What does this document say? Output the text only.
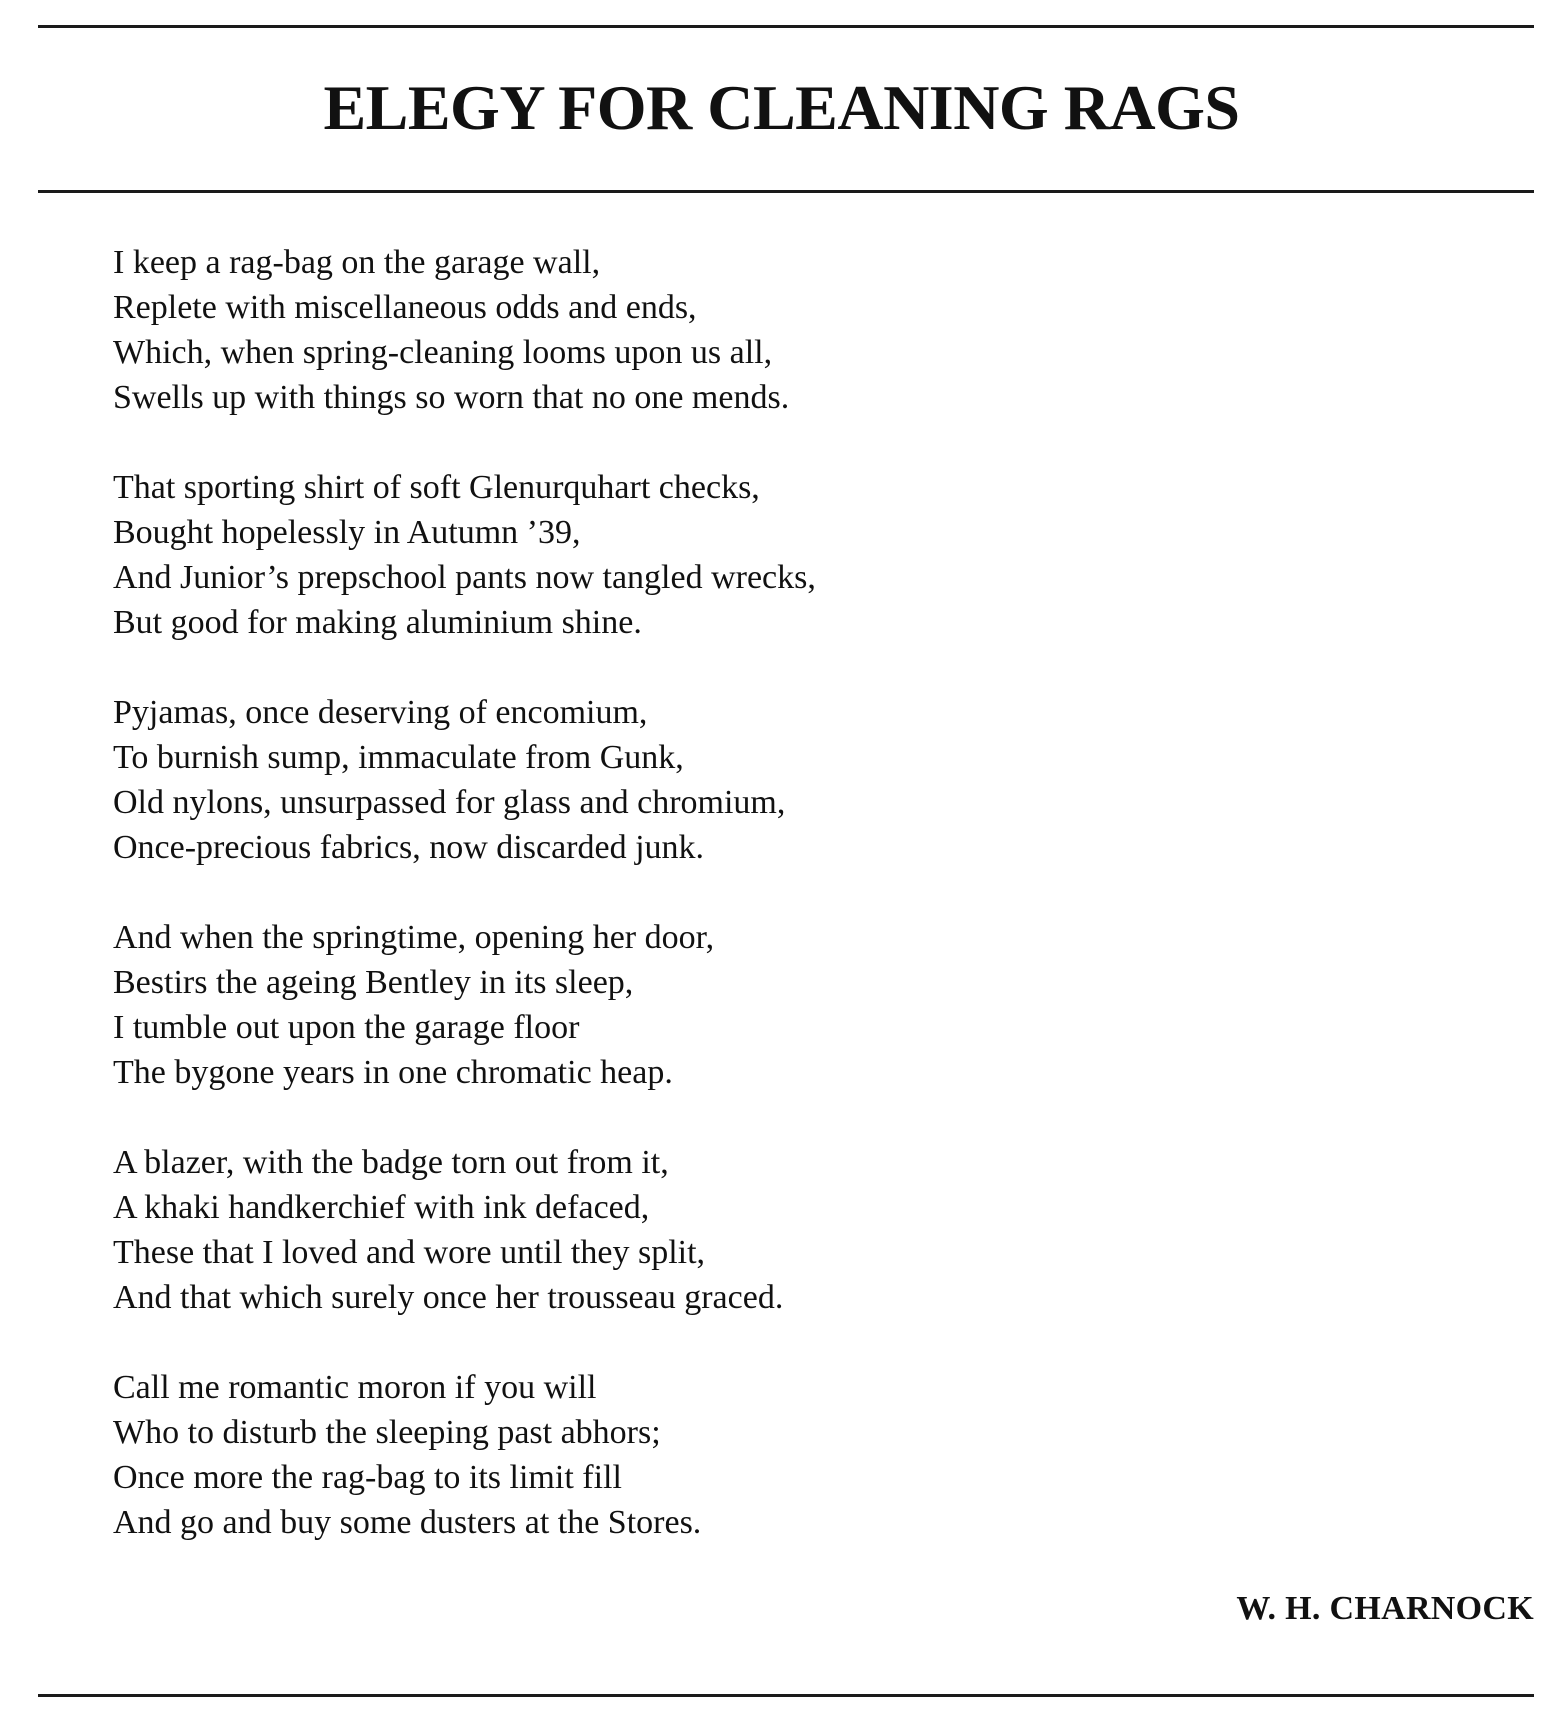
ELEGY FOR CLEANING RAGS
I keep a rag-bag on the garage wall,
Replete with miscellaneous odds and ends,
Which, when spring-cleaning looms upon us all,
Swells up with things so worn that no one mends.
That sporting shirt of soft Glenurquhart checks,
Bought hopelessly in Autumn ’39,
And Junior’s prepschool pants now tangled wrecks,
But good for making aluminium shine.
Pyjamas, once deserving of encomium,
To burnish sump, immaculate from Gunk,
Old nylons, unsurpassed for glass and chromium,
Once-precious fabrics, now discarded junk.
And when the springtime, opening her door,
Bestirs the ageing Bentley in its sleep,
I tumble out upon the garage floor
The bygone years in one chromatic heap.
A blazer, with the badge torn out from it,
A khaki handkerchief with ink defaced,
These that I loved and wore until they split,
And that which surely once her trousseau graced.
Call me romantic moron if you will
Who to disturb the sleeping past abhors;
Once more the rag-bag to its limit fill
And go and buy some dusters at the Stores.
W. H. CHARNOCK
